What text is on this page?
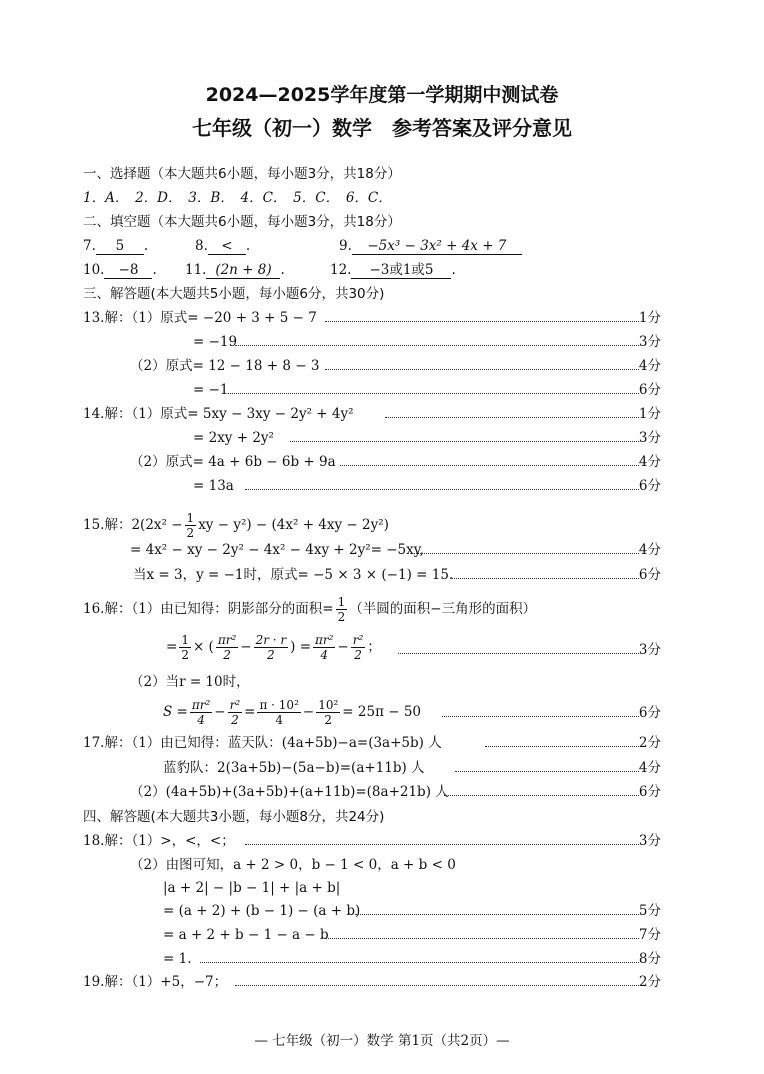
2024—2025学年度第一学期期中测试卷
七年级（初一）数学　参考答案及评分意见
一、选择题（本大题共6小题，每小题3分，共18分）
1．A．　2．D．　3．B．　4．C．　5．C．　6．C．
二、填空题（本大题共6小题，每小题3分，共18分）
7. 5 .	8. < .	9. −5x³ − 3x² + 4x + 7
10. −8 . 11. (2n + 8) .	12. −3或1或5 .
三、解答题(本大题共5小题，每小题6分，共30分)
13.解：（1）原式= −20 + 3 + 5 − 7	1分
= −19	3分
（2）原式= 12 − 18 + 8 − 3	4分
= −1	6分
14.解：（1）原式= 5xy − 3xy − 2y² + 4y²	1分
= 2xy + 2y²	3分
（2）原式= 4a + 6b − 6b + 9a	4分
= 13a	6分
15.解：$2(2x^2 - \frac{1}{2}$ xy − y²) − (4x² + 4xy − 2y²)
= 4x² − xy − 2y² − 4x² − 4xy + 2y²= −5xy,	4分
当x = 3，y = −1时，原式= −5 × 3 × (−1) = 15.	6分
16.解：（1）由已知得：阴影部分的面积= $\frac{1}{2}$ （半圆的面积−三角形的面积）
= $\frac{1}{2}$ × ( $\frac{\text{πr²}}{2} - \frac{2r \cdot r}{2}$ ) = $\frac{\text{πr²}}{4} - \frac{\text{r²}}{2}$ ；	3分
（2）当r = 10时，
$S = \frac{\text{πr²}}{4} - \frac{\text{r²}}{2} = \frac{\text{π · 10²}}{4} - \frac{\text{10²}}{2} = 25\pi - 50$	6分
17.解：（1）由已知得：蓝天队：(4a+5b)−a=(3a+5b) 人	2分
蓝豹队：2(3a+5b)−(5a−b)=(a+11b) 人	4分
（2）(4a+5b)+(3a+5b)+(a+11b)=(8a+21b) 人	6分
四、解答题(本大题共3小题，每小题8分，共24分)
18.解：（1）>，<，<；	3分
（2）由图可知，a + 2 > 0，b − 1 < 0，a + b < 0
|a + 2| − |b − 1| + |a + b|
= (a + 2) + (b − 1) − (a + b)	5分
= a + 2 + b − 1 − a − b	7分
= 1.	8分
19.解：（1）+5，−7；	2分
— 七年级（初一）数学 第1页（共2页）—
